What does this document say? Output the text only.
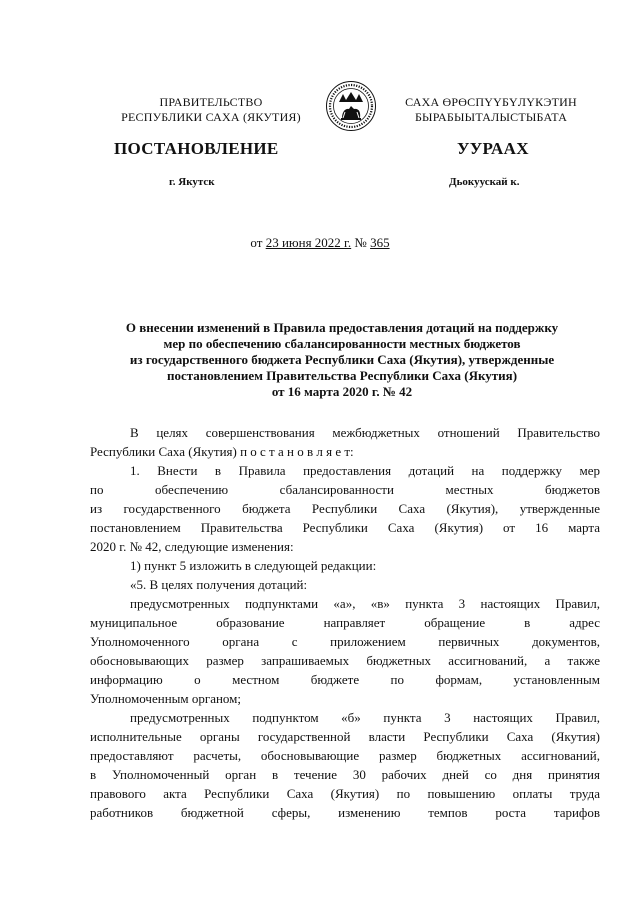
ПРАВИТЕЛЬСТВО
РЕСПУБЛИКИ САХА (ЯКУТИЯ)
САХА ӨРӨСПҮҮБҮЛҮКЭТИН
БЫРАБЫЫТАЛЫСТЫБАТА
ПОСТАНОВЛЕНИЕ	УУРААХ
г. Якутск	Дьокуускай к.
от 23 июня 2022 г. № 365
О внесении изменений в Правила предоставления дотаций на поддержку
мер по обеспечению сбалансированности местных бюджетов
из государственного бюджета Республики Саха (Якутия), утвержденные
постановлением Правительства Республики Саха (Якутия)
от 16 марта 2020 г. № 42

В целях совершенствования межбюджетных отношений Правительство

Республики Саха (Якутия) п о с т а н о в л я е т:

1. Внести в Правила предоставления дотаций на поддержку мер

по обеспечению сбалансированности местных бюджетов

из государственного бюджета Республики Саха (Якутия), утвержденные

постановлением Правительства Республики Саха (Якутия) от 16 марта

2020 г. № 42, следующие изменения:

1) пункт 5 изложить в следующей редакции:

«5. В целях получения дотаций:

предусмотренных подпунктами «а», «в» пункта 3 настоящих Правил,

муниципальное образование направляет обращение в адрес

Уполномоченного органа с приложением первичных документов,

обосновывающих размер запрашиваемых бюджетных ассигнований, а также

информацию о местном бюджете по формам, установленным

Уполномоченным органом;

предусмотренных подпунктом «б» пункта 3 настоящих Правил,

исполнительные органы государственной власти Республики Саха (Якутия)

предоставляют расчеты, обосновывающие размер бюджетных ассигнований,

в Уполномоченный орган в течение 30 рабочих дней со дня принятия

правового акта Республики Саха (Якутия) по повышению оплаты труда

работников бюджетной сферы, изменению темпов роста тарифов
